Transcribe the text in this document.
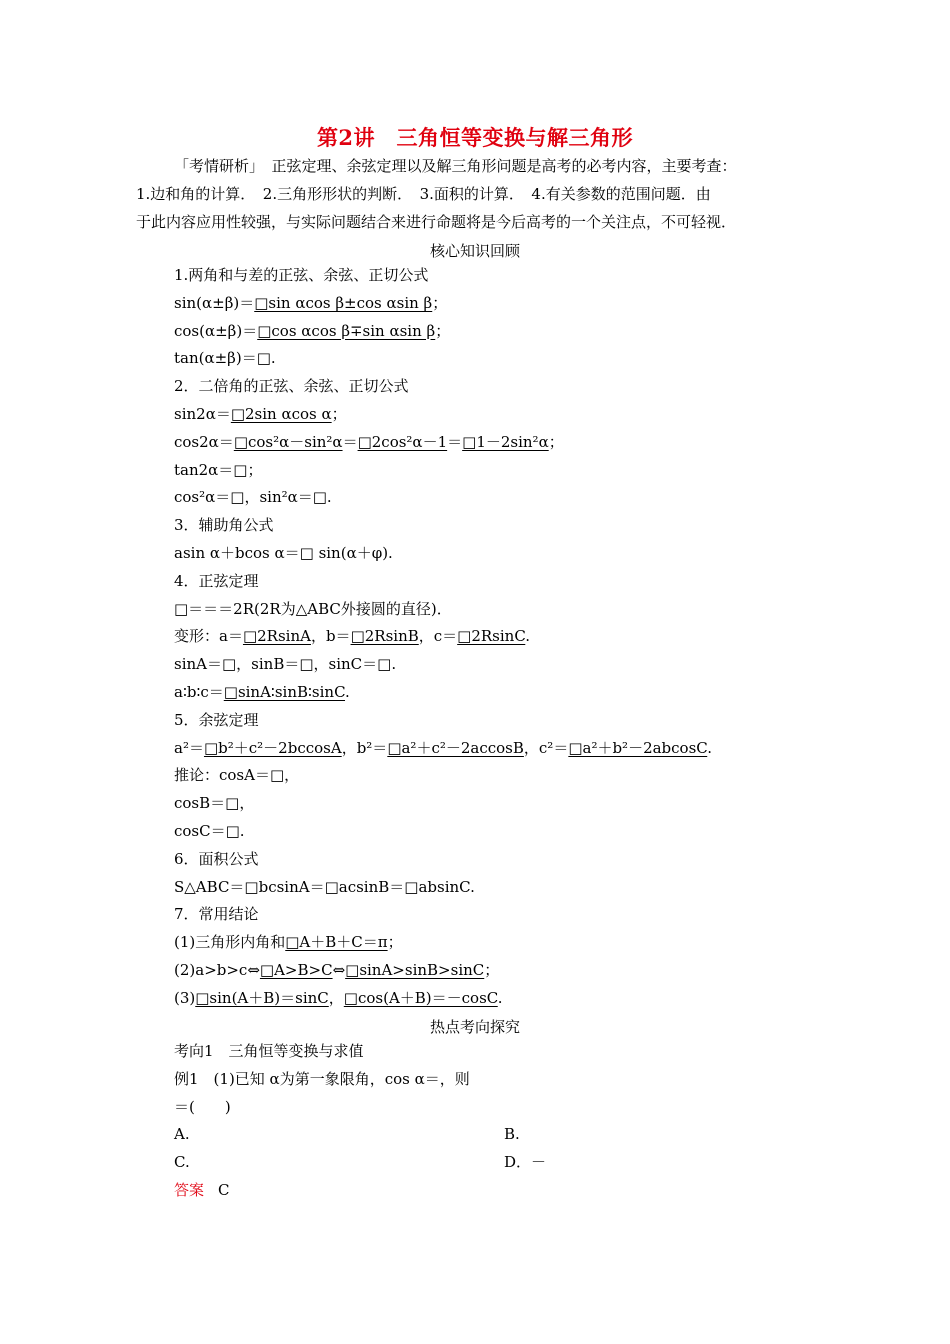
第2讲　三角恒等变换与解三角形

「考情研析」　正弦定理、余弦定理以及解三角形问题是高考的必考内容，主要考查：

1.边和角的计算．　2.三角形形状的判断．　3.面积的计算．　4.有关参数的范围问题．由

于此内容应用性较强，与实际问题结合来进行命题将是今后高考的一个关注点，不可轻视．

核心知识回顾
1.两角和与差的正弦、余弦、正切公式
sin(α±β)＝□sin αcos β±cos αsin β；
cos(α±β)＝□cos αcos β∓sin αsin β；
tan(α±β)＝□.
2．二倍角的正弦、余弦、正切公式
sin2α＝□2sin αcos α；
cos2α＝□cos²α－sin²α＝□2cos²α－1＝□1－2sin²α；
tan2α＝□；
cos²α＝□，sin²α＝□.
3．辅助角公式
asin α＋bcos α＝□ sin(α＋φ).
4．正弦定理
□＝＝＝2R(2R为△ABC外接圆的直径)．
变形：a＝□2RsinA，b＝□2RsinB，c＝□2RsinC.
sinA＝□，sinB＝□，sinC＝□.
a∶b∶c＝□sinA∶sinB∶sinC.
5．余弦定理
a²＝□b²＋c²－2bccosA，b²＝□a²＋c²－2accosB，c²＝□a²＋b²－2abcosC.
推论：cosA＝□，
cosB＝□，
cosC＝□.
6．面积公式
S△ABC＝□bcsinA＝□acsinB＝□absinC.
7．常用结论
(1)三角形内角和□A＋B＋C＝π；
(2)a>b>c⇔□A>B>C⇔□sinA>sinB>sinC；
(3)□sin(A＋B)＝sinC，□cos(A＋B)＝－cosC.
热点考向探究
考向1　三角恒等变换与求值
例1　(1)已知 α为第一象限角，cos α＝，则
＝(　　)
A.	B.
C.	D．－
答案 C
